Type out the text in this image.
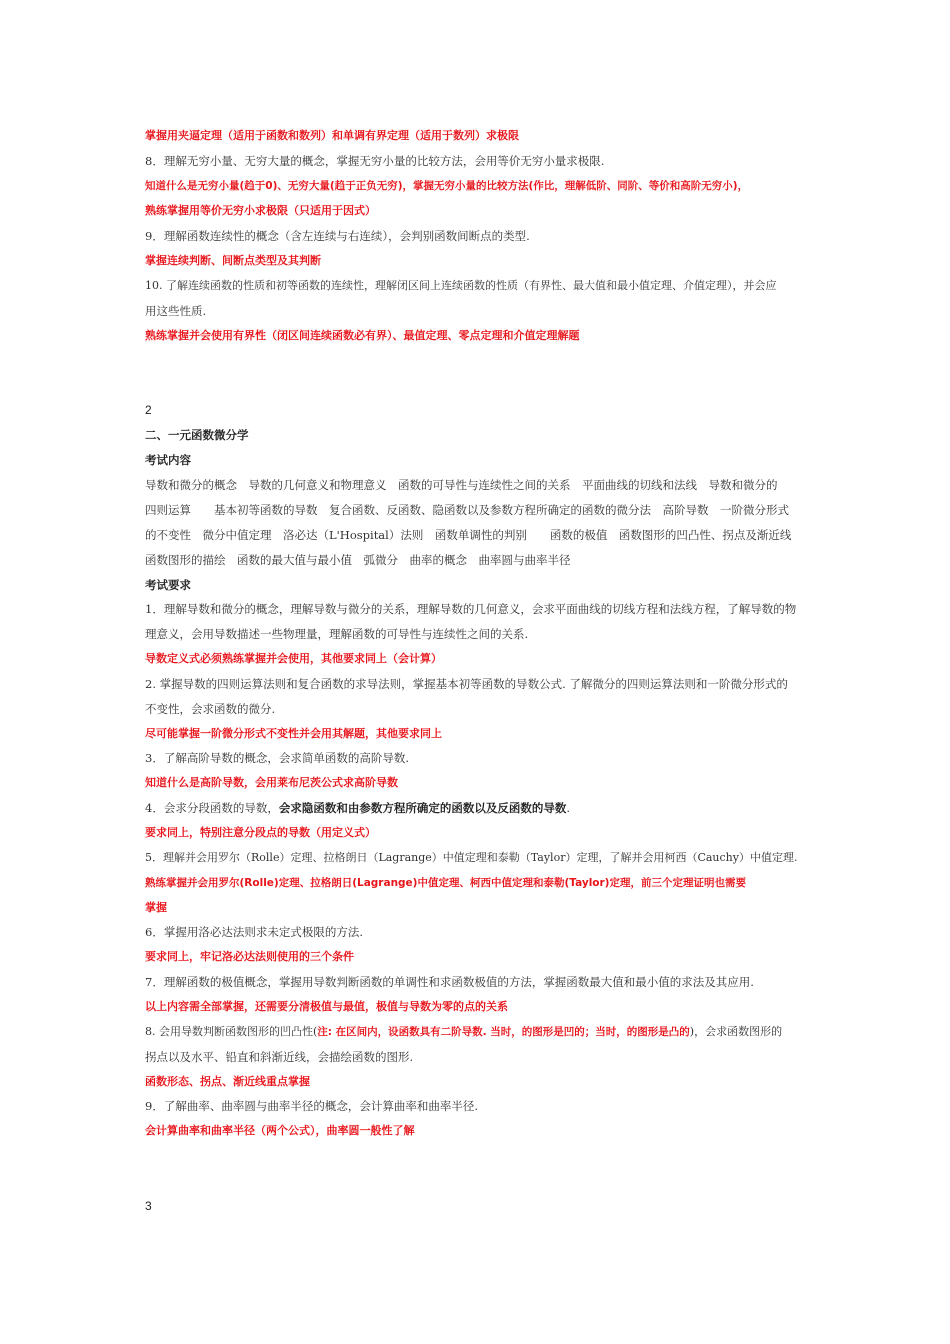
掌握用夹逼定理（适用于函数和数列）和单调有界定理（适用于数列）求极限
8．理解无穷小量、无穷大量的概念，掌握无穷小量的比较方法，会用等价无穷小量求极限.
知道什么是无穷小量(趋于0)、无穷大量(趋于正负无穷)，掌握无穷小量的比较方法(作比，理解低阶、同阶、等价和高阶无穷小)，
熟练掌握用等价无穷小求极限（只适用于因式）
9．理解函数连续性的概念（含左连续与右连续），会判别函数间断点的类型.
掌握连续判断、间断点类型及其判断
10. 了解连续函数的性质和初等函数的连续性，理解闭区间上连续函数的性质（有界性、最大值和最小值定理、介值定理），并会应
用这些性质.
熟练掌握并会使用有界性（闭区间连续函数必有界）、最值定理、零点定理和介值定理解题
2
二、一元函数微分学
考试内容
导数和微分的概念　导数的几何意义和物理意义　函数的可导性与连续性之间的关系　平面曲线的切线和法线　导数和微分的
四则运算　　基本初等函数的导数　复合函数、反函数、隐函数以及参数方程所确定的函数的微分法　高阶导数　一阶微分形式
的不变性　微分中值定理　洛必达（L'Hospital）法则　函数单调性的判别　　函数的极值　函数图形的凹凸性、拐点及渐近线
函数图形的描绘　函数的最大值与最小值　弧微分　曲率的概念　曲率圆与曲率半径
考试要求
1．理解导数和微分的概念，理解导数与微分的关系，理解导数的几何意义，会求平面曲线的切线方程和法线方程，了解导数的物
理意义，会用导数描述一些物理量，理解函数的可导性与连续性之间的关系.
导数定义式必须熟练掌握并会使用，其他要求同上（会计算）
2. 掌握导数的四则运算法则和复合函数的求导法则，掌握基本初等函数的导数公式. 了解微分的四则运算法则和一阶微分形式的
不变性，会求函数的微分.
尽可能掌握一阶微分形式不变性并会用其解题，其他要求同上
3．了解高阶导数的概念，会求简单函数的高阶导数.
知道什么是高阶导数，会用莱布尼茨公式求高阶导数
4．会求分段函数的导数，会求隐函数和由参数方程所确定的函数以及反函数的导数.
要求同上，特别注意分段点的导数（用定义式）
5．理解并会用罗尔（Rolle）定理、拉格朗日（Lagrange）中值定理和泰勒（Taylor）定理，了解并会用柯西（Cauchy）中值定理.
熟练掌握并会用罗尔(Rolle)定理、拉格朗日(Lagrange)中值定理、柯西中值定理和泰勒(Taylor)定理，前三个定理证明也需要
掌握
6．掌握用洛必达法则求未定式极限的方法.
要求同上，牢记洛必达法则使用的三个条件
7．理解函数的极值概念，掌握用导数判断函数的单调性和求函数极值的方法，掌握函数最大值和最小值的求法及其应用.
以上内容需全部掌握，还需要分清极值与最值，极值与导数为零的点的关系
8. 会用导数判断函数图形的凹凸性(注: 在区间内，设函数具有二阶导数. 当时，的图形是凹的；当时，的图形是凸的)，会求函数图形的
拐点以及水平、铅直和斜渐近线，会描绘函数的图形.
函数形态、拐点、渐近线重点掌握
9．了解曲率、曲率圆与曲率半径的概念，会计算曲率和曲率半径.
会计算曲率和曲率半径（两个公式），曲率圆一般性了解
3
